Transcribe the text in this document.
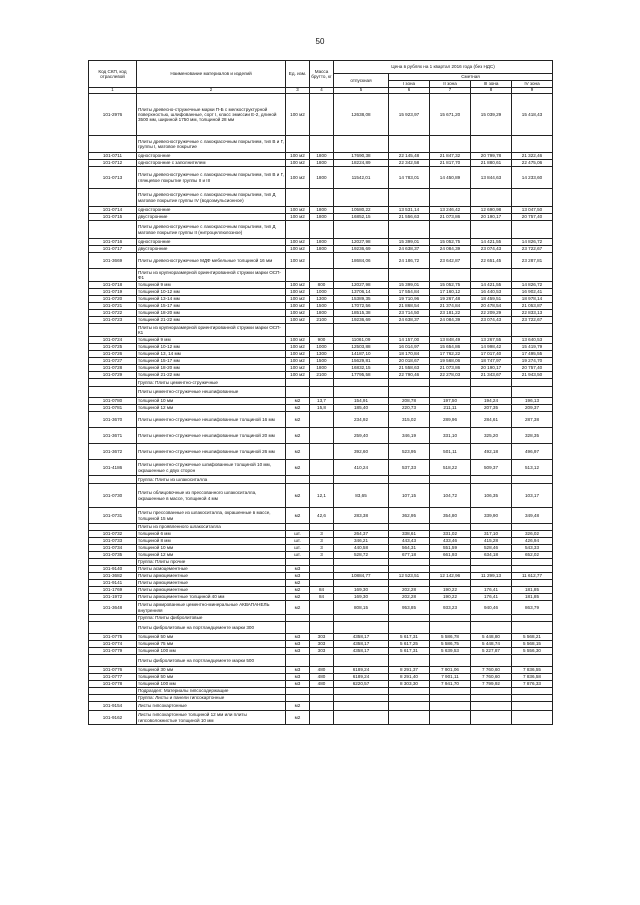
50
Код СКП, код отраслевой	Наименование материалов и изделий	Ед. изм.	Масса брутто, кг	Цена в рублях на 1 квартал 2016 года (без НДС)				
				отпускная	Сметная			
					I зона	II зона	III зона	IV зона
1	2	3	4	5	6	7	8	9
101-2976	Плиты древесно-стружечные марки П-Б с мелкоструктурной поверхностью, шлифованные, сорт I, класс эмиссии Е-2, длиной 3500 мм, шириной 1750 мм, толщиной 28 мм	100 м2		12638,08	15 923,97	15 671,20	15 039,29	15 418,43
	Плиты древесностружечные с лакокрасочным покрытием, тип В и Г, группы I, матовое покрытие							
101-0711	односторонние	100 м2	1800	17690,38	22 145,48	21 847,32	20 799,78	21 322,46
101-0712	односторонние с заполнителем	100 м2	1800	18224,89	22 342,58	21 817,70	21 880,61	22 475,06
101-0713	Плиты древесностружечные с лакокрасочным покрытием, тип В и Г, глянцевое покрытие группы II и III	100 м2	1800	11542,01	14 783,01	14 450,89	13 844,63	14 233,60
	Плиты древесностружечные с лакокрасочным покрытием, тип Д матовое покрытие группы IV (водоэмульсионное)							
101-0714	односторонние	100 м2	1800	10580,22	13 531,14	13 246,42	12 690,98	13 047,50
101-0715	двусторонние	100 м2	1800	16852,15	21 556,63	21 073,86	20 190,17	20 757,40
	Плиты древесностружечные с лакокрасочным покрытием, тип Д матовое покрытие группы II (нитроцеллюлозное)							
101-0716	односторонние	100 м2	1800	12027,98	15 399,01	15 052,75	14 421,55	14 826,72
101-0717	двусторонние	100 м2	1800	19236,69	24 638,37	24 084,39	23 074,43	23 722,67
101-3669	Плиты древесностружечные МДФ мебельные толщиной 16 мм	100 м2		18684,06	24 186,72	23 642,87	22 651,45	23 287,81
	Плиты из крупноразмерной ориентированной стружки марки ОСП-Ф1							
101-0718	толщиной 9 мм	100 м2	800	12027,98	15 399,01	15 052,75	14 421,55	14 826,72
101-0719	толщиной 10-12 мм	100 м2	1000	13706,14	17 554,84	17 160,12	16 440,53	16 902,41
101-0720	толщиной 13-14 мм	100 м2	1300	15389,35	19 710,96	19 267,48	18 459,51	18 978,14
101-0721	толщиной 15-17 мм	100 м2	1500	17072,56	21 868,54	21 374,84	20 478,54	21 053,87
101-0722	толщиной 18-20 мм	100 м2	1800	18515,38	23 714,50	23 181,22	22 209,29	22 833,13
101-0723	толщиной 21-22 мм	100 м2	2100	19236,69	24 638,37	24 084,39	23 074,43	23 722,67
	Плиты из крупноразмерной ориентированной стружки марки ОСП-К1							
101-0724	толщиной 9 мм	100 м2	900	11061,09	14 157,00	13 848,49	13 267,55	13 640,53
101-0725	толщиной 10-12 мм	100 м2	1000	12503,88	16 014,97	15 654,86	14 998,42	15 419,79
101-0726	толщиной 13, 14 мм	100 м2	1300	14187,10	18 170,84	17 762,22	17 017,40	17 495,55
101-0727	толщиной 15-17 мм	100 м2	1500	15629,81	20 018,67	19 568,06	18 747,97	19 274,70
101-0728	толщиной 18-20 мм	100 м2	1800	16832,15	21 558,63	21 073,86	20 190,17	20 757,40
101-0729	толщиной 21-22 мм	100 м2	2100	17795,58	22 790,46	22 278,03	21 343,67	21 943,50
	Группа: Плиты цементно-стружечные							
	Плиты цементно-стружечные нешлифованные							
101-0780	толщиной 10 мм	м2	13,7	154,91	208,78	197,50	194,24	196,13
101-0781	толщиной 12 мм	м2	15,8	185,40	220,73	211,11	207,35	209,37
101-3670	Плиты цементно-стружечные нешлифованные толщиной 16 мм	м2		234,92	315,02	289,96	284,61	287,38
101-3671	Плиты цементно-стружечные нешлифованные толщиной 20 мм	м2		259,40	346,19	331,10	325,20	328,35
101-3672	Плиты цементно-стружечные нешлифованные толщиной 26 мм	м2		392,60	523,95	501,11	492,18	496,97
101-4186	Плиты цементно-стружечные шлифованные толщиной 10 мм, окрашенные с двух сторон	м2		410,24	537,33	518,22	509,37	513,12
	Группа: Плиты из шлакоситалла							
101-0730	Плиты облицовочные из прессованного шлакоситалла, окрашенные в массе, толщиной 4 мм	м2	12,1	83,65	107,15	104,72	106,35	103,17
101-0731	Плиты прессованные из шлакоситалла, окрашенные в массе, толщиной 15 мм	м2	42,6	283,38	362,95	354,80	339,90	349,48
	Плиты из проявленного шлакоситалла							
101-0732	толщиной 6 мм	шт.	3	264,37	338,61	331,02	317,10	326,02
101-0733	толщиной 8 мм	шт.	3	346,21	443,43	433,46	415,28	426,94
101-0734	толщиной 10 мм	шт.	3	440,58	564,31	551,59	528,46	543,33
101-0735	толщиной 12 мм	шт.	3	528,72	677,18	661,93	634,18	652,02
	Группа: Плиты прочие							
101-9140	Плиты асмоцементные	м3						
101-3682	Плиты армоцементные	м3		10884,77	12 523,51	12 142,96	11 299,13	11 612,77
101-9141	Плиты армоцементные	м2						
101-1769	Плиты армоцементные	м2	84	169,30	202,28	190,22	176,41	181,85
101-1972	Плиты армоцементные толщиной 40 мм	м2	84	169,30	202,28	190,22	176,41	181,85
101-3648	Плиты армированные цементно-минеральные АКВАПАНЕЛЬ внутренняя	м2		808,15	953,85	933,23	940,46	863,79
	Группа: Плиты фибролитовые							
	Плиты фибролитовые на портландцементе марки 300							
101-0775	толщиной 50 мм	м3	303	4358,17	5 617,31	5 586,78	5 448,80	5 568,21
101-0774	толщиной 75 мм	м3	303	4358,17	5 617,25	5 586,75	5 448,74	5 568,15
101-0779	толщиной 100 мм	м3	303	4358,17	5 617,31	5 639,53	5 227,87	5 556,30
	Плиты фибролитовые на портландцементе марки 500							
101-0776	толщиной 30 мм	м3	480	6189,24	8 291,37	7 901,06	7 760,60	7 836,55
101-0777	толщиной 50 мм	м3	480	6189,24	8 291,40	7 901,11	7 760,60	7 836,58
101-0778	толщиной 100 мм	м3	480	6220,57	8 303,30	7 941,70	7 799,92	7 876,33
	Подраздел: Материалы гипсосодержащие							
	Группа: Листы и панели гипсокартонные							
101-9154	Листы гипсокартонные	м2						
101-9162	Листы гипсокартонные толщиной 12 мм или плиты гипсоволокнистые толщиной 10 мм	м2						
